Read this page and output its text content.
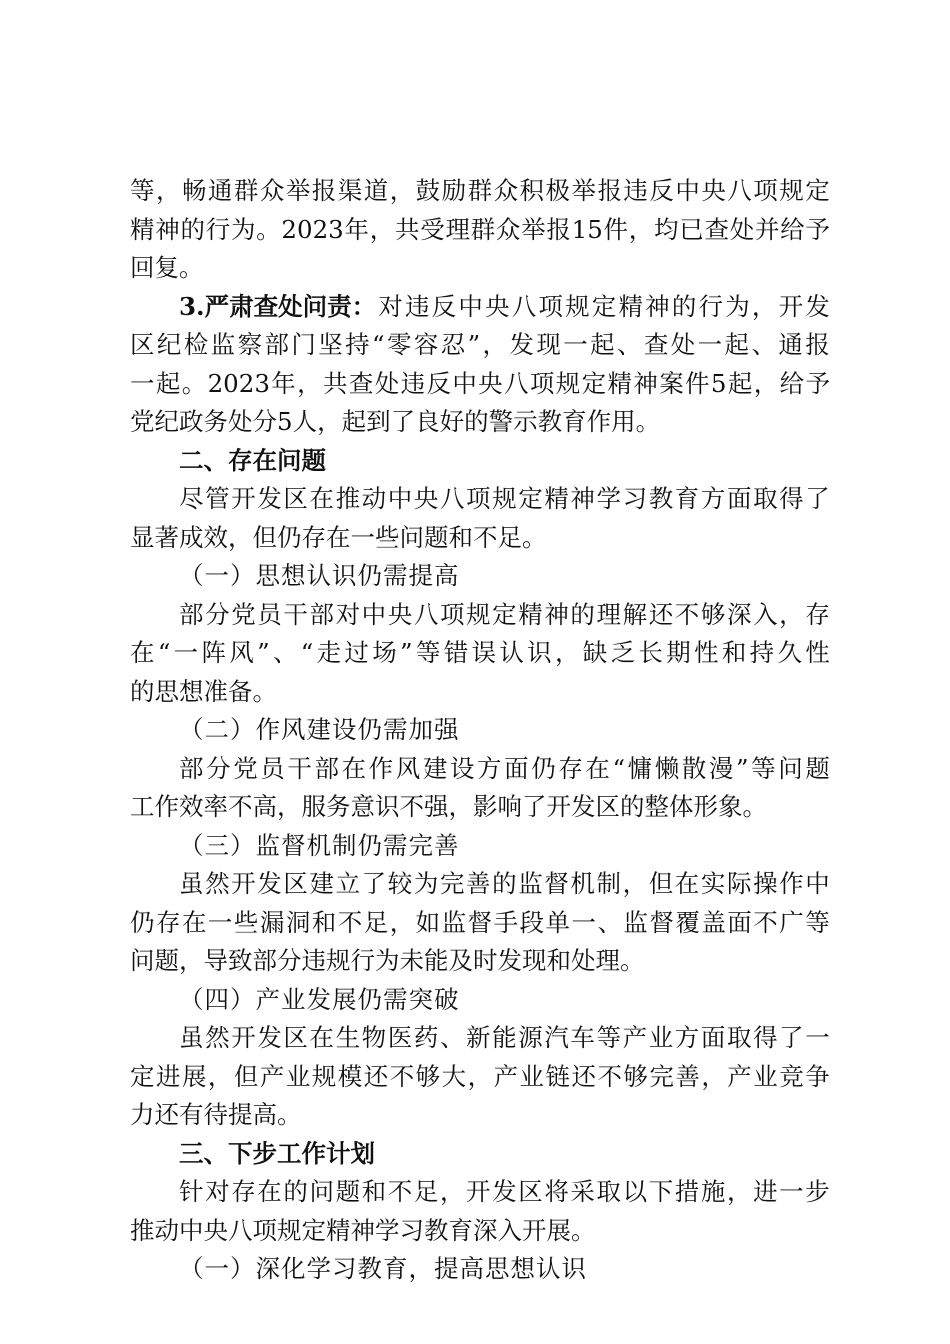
等 ， 畅 通 群 众 举 报 渠 道 ， 鼓 励 群 众 积 极 举 报 违 反 中 央 八 项 规 定
精 神 的 行 为 。 2023 年 ， 共 受 理 群 众 举 报 15 件 ， 均 已 查 处 并 给 予
回复。
3.严肃查处问责： 对 违 反 中 央 八 项 规 定 精 神 的 行 为 ， 开 发
区 纪 检 监 察 部 门 坚 持 “ 零 容 忍 ” ， 发 现 一 起 、 查 处 一 起 、 通 报
一 起 。 2023 年 ， 共 查 处 违 反 中 央 八 项 规 定 精 神 案 件 5 起 ， 给 予
党纪政务处分5人，起到了良好的警示教育作用。
二、存在问题
尽 管 开 发 区 在 推 动 中 央 八 项 规 定 精 神 学 习 教 育 方 面 取 得 了
显著成效，但仍存在一些问题和不足。
（一）思想认识仍需提高
部 分 党 员 干 部 对 中 央 八 项 规 定 精 神 的 理 解 还 不 够 深 入 ， 存
在 “ 一 阵 风 ” 、 “ 走 过 场 ” 等 错 误 认 识 ， 缺 乏 长 期 性 和 持 久 性
的思想准备。
（二）作风建设仍需加强
部 分 党 员 干 部 在 作 风 建 设 方 面 仍 存 在 “ 慵 懒 散 漫 ” 等 问 题
工作效率不高，服务意识不强，影响了开发区的整体形象。
（三）监督机制仍需完善
虽 然 开 发 区 建 立 了 较 为 完 善 的 监 督 机 制 ， 但 在 实 际 操 作 中
仍 存 在 一 些 漏 洞 和 不 足 ， 如 监 督 手 段 单 一 、 监 督 覆 盖 面 不 广 等
问题，导致部分违规行为未能及时发现和处理。
（四）产业发展仍需突破
虽 然 开 发 区 在 生 物 医 药 、 新 能 源 汽 车 等 产 业 方 面 取 得 了 一
定 进 展 ， 但 产 业 规 模 还 不 够 大 ， 产 业 链 还 不 够 完 善 ， 产 业 竞 争
力还有待提高。
三、下步工作计划
针 对 存 在 的 问 题 和 不 足 ， 开 发 区 将 采 取 以 下 措 施 ， 进 一 步
推动中央八项规定精神学习教育深入开展。
（一）深化学习教育，提高思想认识
